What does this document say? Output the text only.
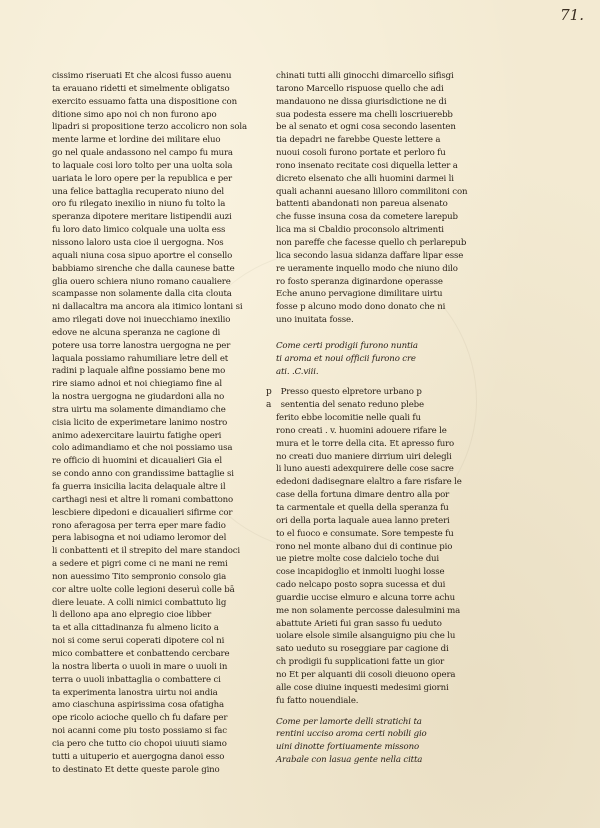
71.
cissimo riseruati Et che alcosi fusso auenu
ta erauano ridetti et simelmente obligatso
exercito essuamo fatta una dispositione con
ditione simo apo noi ch non furono apo
lipadri si propositione terzo accolicro non sola
mente larme et lordine dei militare eluo
go nel quale andassono nel campo fu mura
to laquale cosi loro tolto per una uolta sola
uariata le loro opere per la republica e per
una felice battaglia recuperato niuno del
oro fu rilegato inexilio in niuno fu tolto la
speranza dipotere meritare listipendii auzi
fu loro dato limico colquale una uolta ess
nissono laloro usta cioe il uergogna. Nos
aquali niuna cosa sipuo aportre el consello
babbiamo sirenche che dalla caunese batte
glia ouero schiera niuno romano caualiere
scampasse non solamente dalla cita clouta
ni dallacaltra ma ancora ala itimico lontani si
amo rilegati dove noi inuecchiamo inexilio
edove ne alcuna speranza ne cagione di
potere usa torre lanostra uergogna ne per
laquala possiamo rahumiliare letre dell et
radini p laquale alfine possiamo bene mo
rire siamo adnoi et noi chiegiamo fine al
la nostra uergogna ne giudardoni alla no
stra uirtu ma solamente dimandiamo che
cisia licito de experimetare lanimo nostro
animo adexercitare lauirtu fatighe operi
colo adimandiamo et che noi possiamo usa
re officio di huomini et dicaualieri Gia el
se condo anno con grandissime battaglie si
fa guerra insicilia lacita delaquale altre il
carthagi nesi et altre li romani combattono
lescbiere dipedoni e dicaualieri sifirme cor
rono aferagosa per terra eper mare fadio
pera labisogna et noi udiamo leromor del
li conbattenti et il strepito del mare standoci
a sedere et pigri come ci ne mani ne remi
non auessimo Tito sempronio consolo gia
cor altre uolte colle legioni deseruì colle bā
diere leuate. A colli nimici combattuto lig
li dellono apa ano elpregio cioe libber
ta et alla cittadinanza fu almeno licito a
noi si come serui coperati dipotere col ni
mico combattere et conbattendo cercbare
la nostra liberta o uuoli in mare o uuoli in
terra o uuoli inbattaglia o combattere ci
ta experimenta lanostra uirtu noi andia
amo ciaschuna aspirissima cosa ofatigha
ope ricolo acioche quello ch fu dafare per
noi acanni come piu tosto possiamo si fac
cia pero che tutto cio chopoi uiuuti siamo
tutti a uituperio et auergogna danoi esso
to destinato Et dette queste parole gino
chinati tutti alli ginocchi dimarcello sifisgi
tarono Marcello rispuose quello che adi
mandauono ne dissa giurisdictione ne di
sua podesta essere ma chelli loscriuerebb
be al senato et ogni cosa secondo lasenten
tia depadri ne farebbe Queste lettere a
nuoui cosoli furono portate et perloro fu
rono insenato recitate cosi diquella letter a
dicreto elsenato che alli huomini darmei li
quali achanni auesano lilloro commilitoni con
battenti abandonati non pareua alsenato
che fusse insuna cosa da cometere larepub
lica ma si Cbaldio proconsolo altrimenti
non pareffe che facesse quello ch perlarepub
lica secondo lasua sidanza daffare lipar esse
re ueramente inquello modo che niuno dilo
ro fosto speranza diginardone operasse
Eche anuno pervagione dimilitare uirtu
fosse p alcuno modo dono donato che ni
uno inuitata fosse.
Come certi prodigii furono nuntia
ti aroma et noui officii furono cre
ati. .C.viii.
p Presso questo elpretore urbano p
a sententia del senato reduno plebe
ferito ebbe locomitie nelle quali fu
rono creati . v. huomini adouere rifare le
mura et le torre della cita. Et apresso furo
no creati duo maniere dirrium uiri delegli
li luno auesti adexquirere delle cose sacre
ededoni dadisegnare elaltro a fare risfare le
case della fortuna dimare dentro alla por
ta carmentale et quella della speranza fu
ori della porta laquale auea lanno preteri
to el fuoco e consumate. Sore tempeste fu
rono nel monte albano dui di continue pio
ue pietre molte cose dalcielo toche dui
cose incapidoglio et inmolti luoghi losse
cado nelcapo posto sopra sucessa et dui
guardie uccise elmuro e alcuna torre achu
me non solamente percosse dalesulmini ma
abattute Arieti fui gran sasso fu ueduto
uolare elsole simile alsanguigno piu che lu
sato ueduto su roseggiare par cagione di
ch prodigii fu supplicationi fatte un gior
no Et per alquanti dii cosoli dieuono opera
alle cose diuine inquesti medesimi giorni
fu fatto nouendiale.
Come per lamorte delli stratichi ta
rentini ucciso aroma certi nobili gio
uini dinotte fortiuamente missono
Arabale con lasua gente nella citta
